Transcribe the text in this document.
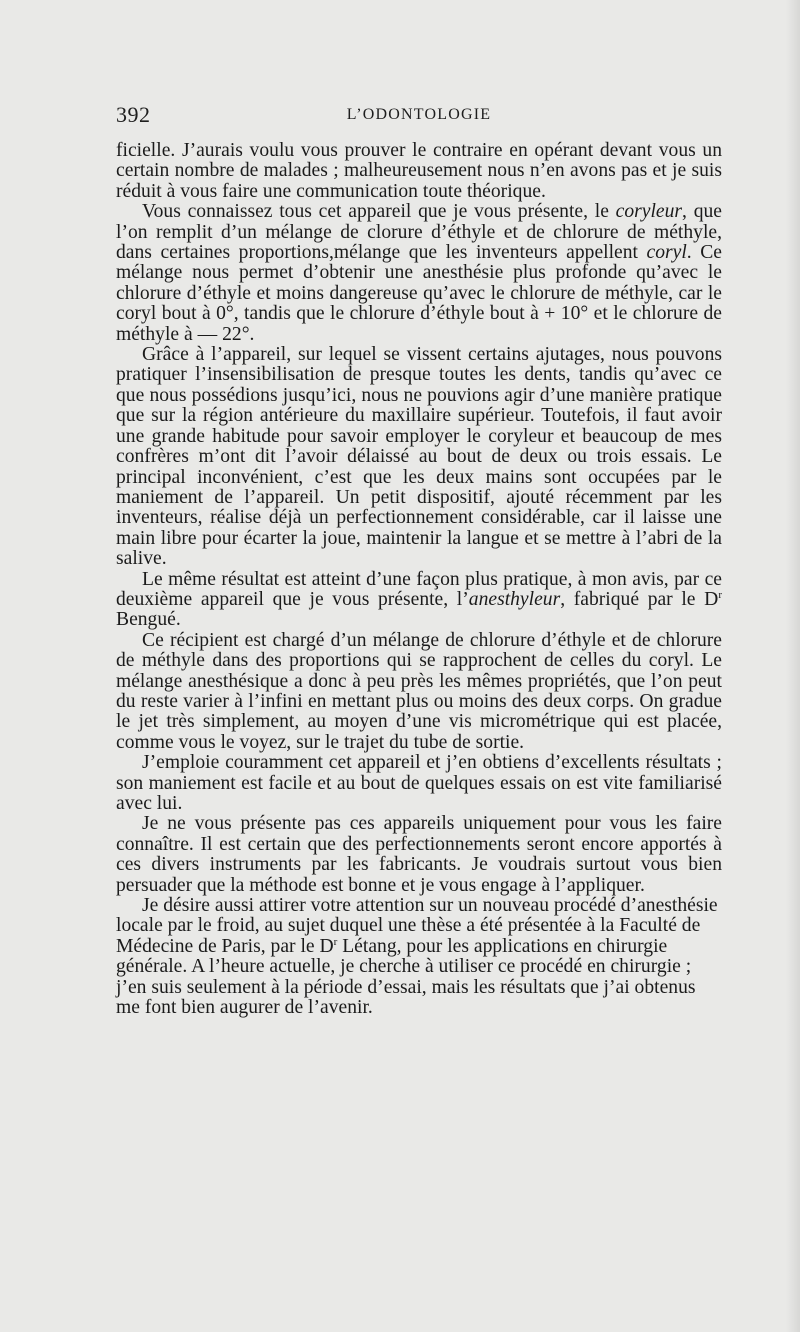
392	L’ODONTOLOGIE

ficielle. J’aurais voulu vous prouver le contraire en opérant devant vous un certain nombre de malades ; malheureusement nous n’en avons pas et je suis réduit à vous faire une communication toute théorique.

Vous connaissez tous cet appareil que je vous présente, le coryleur, que l’on remplit d’un mélange de clorure d’éthyle et de chlorure de méthyle, dans certaines proportions,mélange que les inventeurs appellent coryl. Ce mélange nous permet d’obtenir une anesthésie plus profonde qu’avec le chlorure d’éthyle et moins dangereuse qu’avec le chlorure de méthyle, car le coryl bout à 0°, tandis que le chlorure d’éthyle bout à + 10° et le chlorure de méthyle à — 22°.

Grâce à l’appareil, sur lequel se vissent certains ajutages, nous pouvons pratiquer l’insensibilisation de presque toutes les dents, tandis qu’avec ce que nous possédions jusqu’ici, nous ne pouvions agir d’une manière pratique que sur la région antérieure du maxillaire supérieur. Toutefois, il faut avoir une grande habitude pour savoir employer le coryleur et beaucoup de mes confrères m’ont dit l’avoir délaissé au bout de deux ou trois essais. Le principal inconvénient, c’est que les deux mains sont occupées par le maniement de l’appareil. Un petit dispositif, ajouté récemment par les inventeurs, réalise déjà un perfectionnement considérable, car il laisse une main libre pour écarter la joue, maintenir la langue et se mettre à l’abri de la salive.

Le même résultat est atteint d’une façon plus pratique, à mon avis, par ce deuxième appareil que je vous présente, l’anesthyleur, fabriqué par le $D^r$ Bengué.

Ce récipient est chargé d’un mélange de chlorure d’éthyle et de chlorure de méthyle dans des proportions qui se rapprochent de celles du coryl. Le mélange anesthésique a donc à peu près les mêmes propriétés, que l’on peut du reste varier à l’infini en mettant plus ou moins des deux corps. On gradue le jet très simplement, au moyen d’une vis micrométrique qui est placée, comme vous le voyez, sur le trajet du tube de sortie.

J’emploie couramment cet appareil et j’en obtiens d’excellents résultats ; son maniement est facile et au bout de quelques essais on est vite familiarisé avec lui.

Je ne vous présente pas ces appareils uniquement pour vous les faire connaître. Il est certain que des perfectionnements seront encore apportés à ces divers instruments par les fabricants. Je voudrais surtout vous bien persuader que la méthode est bonne et je vous engage à l’appliquer.

Je désire aussi attirer votre attention sur un nouveau procédé d’anesthésie locale par le froid, au sujet duquel une thèse a été présentée à la Faculté de Médecine de Paris, par le $D^r$ Létang, pour les applications en chirurgie générale. A l’heure actuelle, je cherche à utiliser ce procédé en chirurgie ; j’en suis seulement à la période d’essai, mais les résultats que j’ai obtenus me font bien augurer de l’avenir.
